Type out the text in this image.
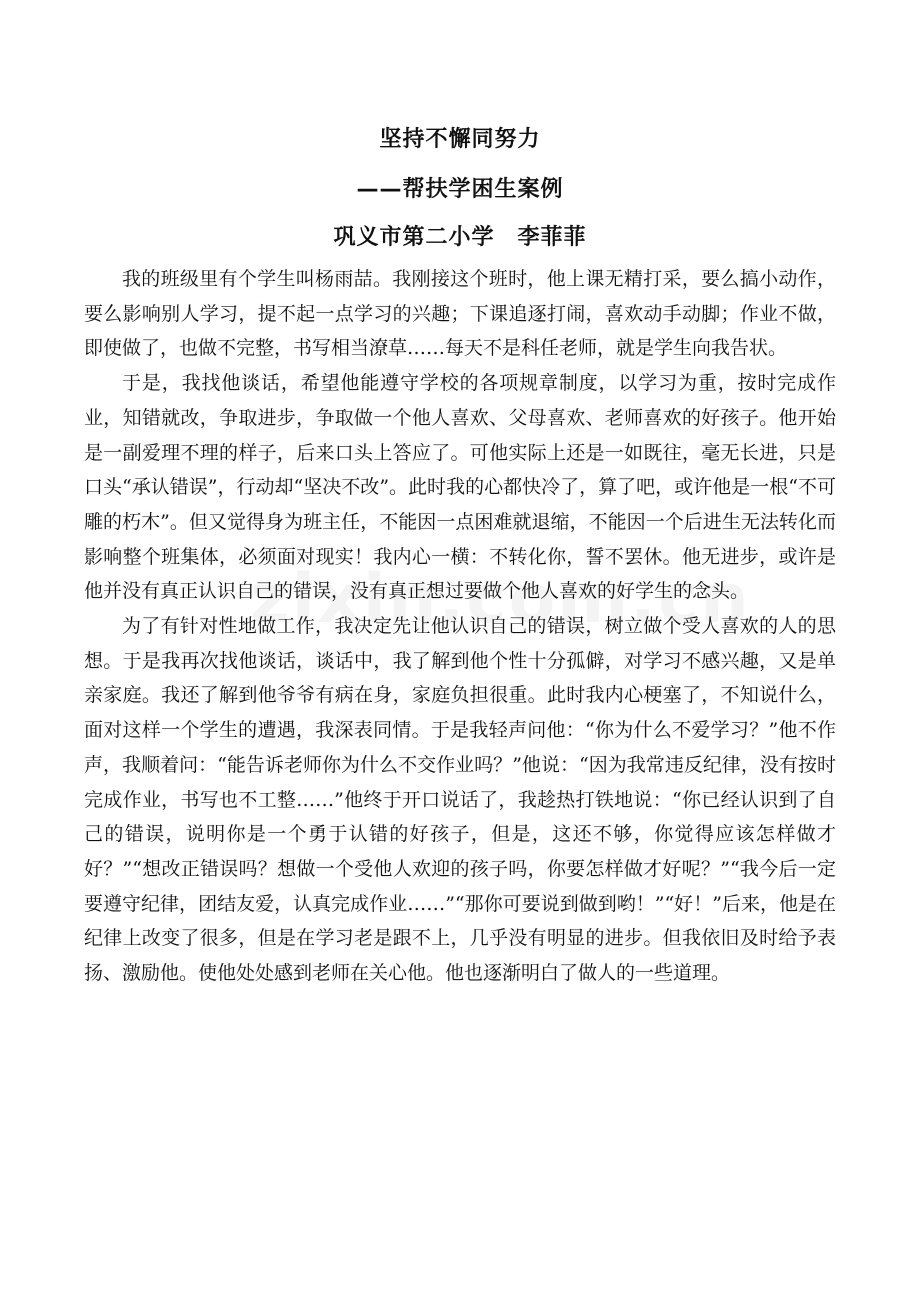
坚持不懈同努力
——帮扶学困生案例
巩义市第二小学　李菲菲

我的班级里有个学生叫杨雨喆。我刚接这个班时，他上课无精打采，要么搞小动作，要么影响别人学习，提不起一点学习的兴趣；下课追逐打闹，喜欢动手动脚；作业不做，即使做了，也做不完整，书写相当潦草……每天不是科任老师，就是学生向我告状。

于是，我找他谈话，希望他能遵守学校的各项规章制度，以学习为重，按时完成作业，知错就改，争取进步，争取做一个他人喜欢、父母喜欢、老师喜欢的好孩子。他开始是一副爱理不理的样子，后来口头上答应了。可他实际上还是一如既往，毫无长进，只是口头“承认错误”，行动却“坚决不改”。此时我的心都快冷了，算了吧，或许他是一根“不可雕的朽木”。但又觉得身为班主任，不能因一点困难就退缩，不能因一个后进生无法转化而影响整个班集体，必须面对现实！我内心一横：不转化你，誓不罢休。他无进步，或许是他并没有真正认识自己的错误，没有真正想过要做个他人喜欢的好学生的念头。

为了有针对性地做工作，我决定先让他认识自己的错误，树立做个受人喜欢的人的思想。于是我再次找他谈话，谈话中，我了解到他个性十分孤僻，对学习不感兴趣，又是单亲家庭。我还了解到他爷爷有病在身，家庭负担很重。此时我内心梗塞了，不知说什么，面对这样一个学生的遭遇，我深表同情。于是我轻声问他：“你为什么不爱学习？”他不作声，我顺着问：“能告诉老师你为什么不交作业吗？”他说：“因为我常违反纪律，没有按时完成作业，书写也不工整……”他终于开口说话了，我趁热打铁地说：“你已经认识到了自己的错误，说明你是一个勇于认错的好孩子，但是，这还不够，你觉得应该怎样做才好？”“想改正错误吗？想做一个受他人欢迎的孩子吗，你要怎样做才好呢？”“我今后一定要遵守纪律，团结友爱，认真完成作业……”“那你可要说到做到哟！”“好！”后来，他是在纪律上改变了很多，但是在学习老是跟不上，几乎没有明显的进步。但我依旧及时给予表扬、激励他。使他处处感到老师在关心他。他也逐渐明白了做人的一些道理。
